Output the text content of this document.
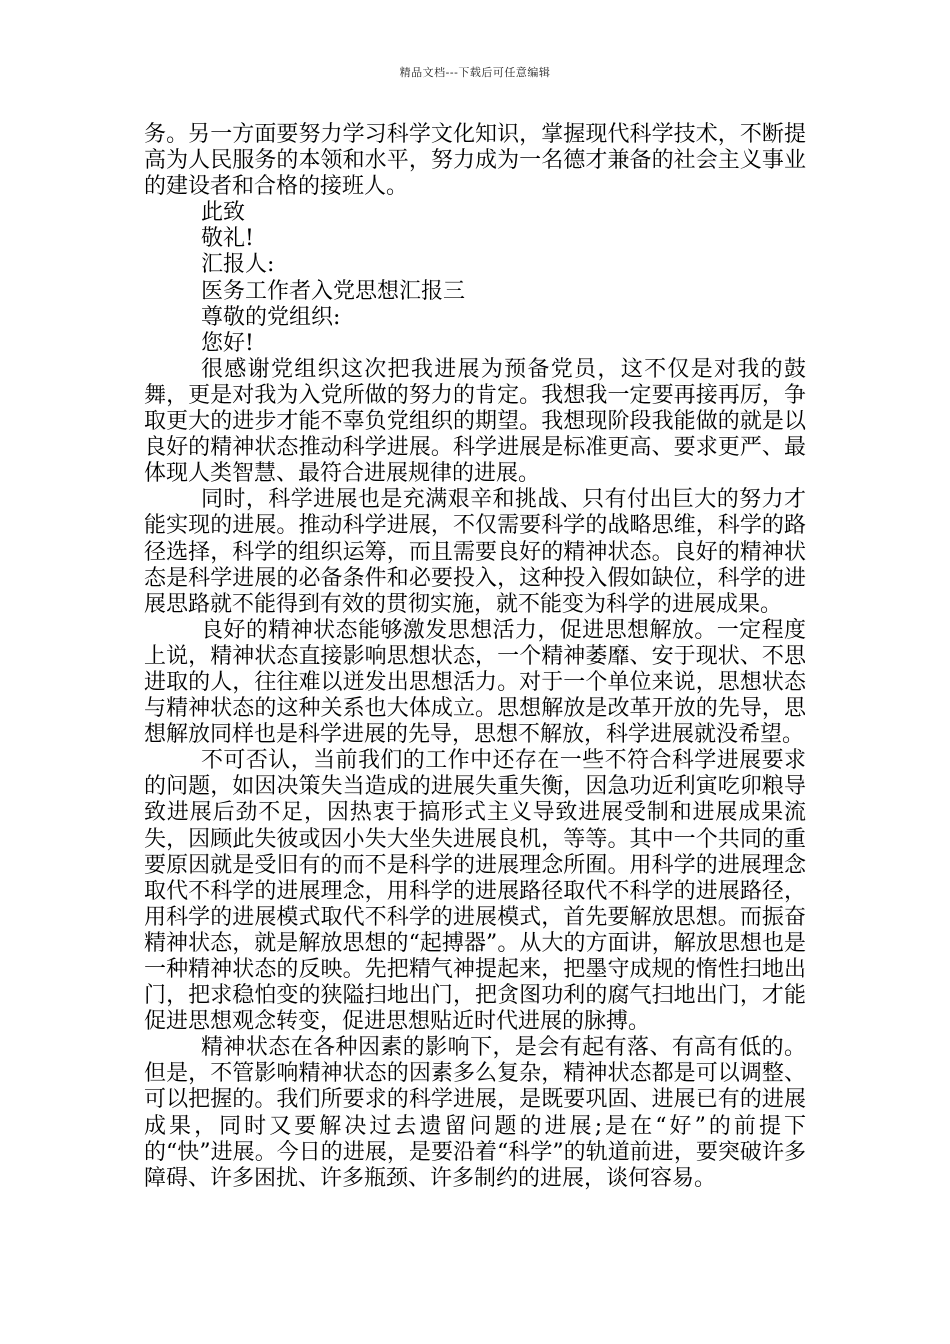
精品文档---下载后可任意编辑

务。另一方面要努力学习科学文化知识，掌握现代科学技术，不断提高为人民服务的本领和水平，努力成为一名德才兼备的社会主义事业的建设者和合格的接班人。

此致

敬礼!

汇报人:

医务工作者入党思想汇报三

尊敬的党组织:

您好!

很感谢党组织这次把我进展为预备党员，这不仅是对我的鼓舞，更是对我为入党所做的努力的肯定。我想我一定要再接再厉，争取更大的进步才能不辜负党组织的期望。我想现阶段我能做的就是以良好的精神状态推动科学进展。科学进展是标准更高、要求更严、最体现人类智慧、最符合进展规律的进展。

同时，科学进展也是充满艰辛和挑战、只有付出巨大的努力才能实现的进展。推动科学进展，不仅需要科学的战略思维，科学的路径选择，科学的组织运筹，而且需要良好的精神状态。良好的精神状态是科学进展的必备条件和必要投入，这种投入假如缺位，科学的进展思路就不能得到有效的贯彻实施，就不能变为科学的进展成果。

良好的精神状态能够激发思想活力，促进思想解放。一定程度上说，精神状态直接影响思想状态，一个精神萎靡、安于现状、不思进取的人，往往难以迸发出思想活力。对于一个单位来说，思想状态与精神状态的这种关系也大体成立。思想解放是改革开放的先导，思想解放同样也是科学进展的先导，思想不解放，科学进展就没希望。

不可否认，当前我们的工作中还存在一些不符合科学进展要求的问题，如因决策失当造成的进展失重失衡，因急功近利寅吃卯粮导致进展后劲不足，因热衷于搞形式主义导致进展受制和进展成果流失，因顾此失彼或因小失大坐失进展良机，等等。其中一个共同的重要原因就是受旧有的而不是科学的进展理念所囿。用科学的进展理念取代不科学的进展理念，用科学的进展路径取代不科学的进展路径，用科学的进展模式取代不科学的进展模式，首先要解放思想。而振奋精神状态，就是解放思想的“起搏器”。从大的方面讲，解放思想也是一种精神状态的反映。先把精气神提起来，把墨守成规的惰性扫地出门，把求稳怕变的狭隘扫地出门，把贪图功利的腐气扫地出门，才能促进思想观念转变，促进思想贴近时代进展的脉搏。

精神状态在各种因素的影响下，是会有起有落、有高有低的。但是，不管影响精神状态的因素多么复杂，精神状态都是可以调整、可以把握的。我们所要求的科学进展，是既要巩固、进展已有的进展成果，同时又要解决过去遗留问题的进展;是在“好”的前提下的“快”进展。今日的进展，是要沿着“科学”的轨道前进，要突破许多障碍、许多困扰、许多瓶颈、许多制约的进展，谈何容易。
